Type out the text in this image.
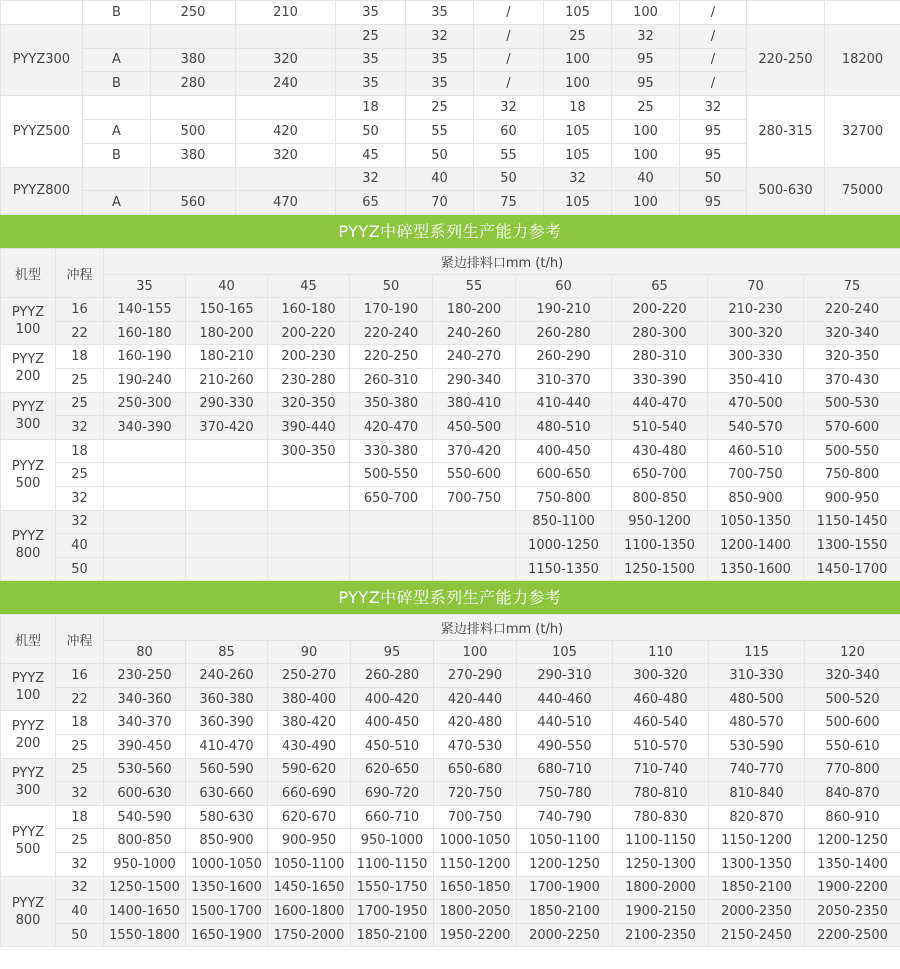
	B	250	210	35	35	/	105	100	/		
PYYZ300				25	32	/	25	32	/	220-250	18200
	A	380	320	35	35	/	100	95	/		
	B	280	240	35	35	/	100	95	/		
PYYZ500				18	25	32	18	25	32	280-315	32700
	A	500	420	50	55	60	105	100	95		
	B	380	320	45	50	55	105	100	95		
PYYZ800				32	40	50	32	40	50	500-630	75000
	A	560	470	65	70	75	105	100	95		
PYYZ中碎型系列生产能力参考
机型	冲程	紧边排料口mm (t/h)								
		35	40	45	50	55	60	65	70	75
PYYZ 100	16	140-155	150-165	160-180	170-190	180-200	190-210	200-220	210-230	220-240
	22	160-180	180-200	200-220	220-240	240-260	260-280	280-300	300-320	320-340
PYYZ 200	18	160-190	180-210	200-230	220-250	240-270	260-290	280-310	300-330	320-350
	25	190-240	210-260	230-280	260-310	290-340	310-370	330-390	350-410	370-430
PYYZ 300	25	250-300	290-330	320-350	350-380	380-410	410-440	440-470	470-500	500-530
	32	340-390	370-420	390-440	420-470	450-500	480-510	510-540	540-570	570-600
PYYZ 500	18			300-350	330-380	370-420	400-450	430-480	460-510	500-550
	25				500-550	550-600	600-650	650-700	700-750	750-800
	32				650-700	700-750	750-800	800-850	850-900	900-950
PYYZ 800	32						850-1100	950-1200	1050-1350	1150-1450
	40						1000-1250	1100-1350	1200-1400	1300-1550
	50						1150-1350	1250-1500	1350-1600	1450-1700
PYYZ中碎型系列生产能力参考
机型	冲程	紧边排料口mm (t/h)								
		80	85	90	95	100	105	110	115	120
PYYZ 100	16	230-250	240-260	250-270	260-280	270-290	290-310	300-320	310-330	320-340
	22	340-360	360-380	380-400	400-420	420-440	440-460	460-480	480-500	500-520
PYYZ 200	18	340-370	360-390	380-420	400-450	420-480	440-510	460-540	480-570	500-600
	25	390-450	410-470	430-490	450-510	470-530	490-550	510-570	530-590	550-610
PYYZ 300	25	530-560	560-590	590-620	620-650	650-680	680-710	710-740	740-770	770-800
	32	600-630	630-660	660-690	690-720	720-750	750-780	780-810	810-840	840-870
PYYZ 500	18	540-590	580-630	620-670	660-710	700-750	740-790	780-830	820-870	860-910
	25	800-850	850-900	900-950	950-1000	1000-1050	1050-1100	1100-1150	1150-1200	1200-1250
	32	950-1000	1000-1050	1050-1100	1100-1150	1150-1200	1200-1250	1250-1300	1300-1350	1350-1400
PYYZ 800	32	1250-1500	1350-1600	1450-1650	1550-1750	1650-1850	1700-1900	1800-2000	1850-2100	1900-2200
	40	1400-1650	1500-1700	1600-1800	1700-1950	1800-2050	1850-2100	1900-2150	2000-2350	2050-2350
	50	1550-1800	1650-1900	1750-2000	1850-2100	1950-2200	2000-2250	2100-2350	2150-2450	2200-2500
